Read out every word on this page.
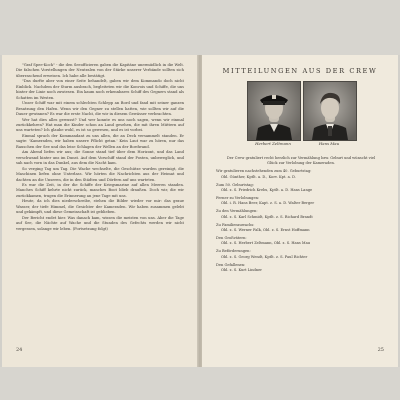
"Graf Spee-Koch" - die den Seeofficieren gaben die Kapitäne unermüdlich in die Welt. Die falschen Vorstellungen der Neutralen von der Stärke unserer Verbände sollten sich überraschend erweisen. Ich habe alle bestätigt.

"Das durfte aber von einer Seite behandelt, gaben wir dem Kommando doch nicht Einblick. Nachdem der Sturm ausbrach, begleiteten wir die Konvois und Schiffe, die uns hinter der Linie noch zuwiesen. Ein kaum noch erkennbares Schiff des Gegners stand als Schatten im Westen.

Unser Schiff war mit einem schlechten Schlepp an Bord und fand mit seiner ganzen Besatzung den Hafen. Wenn wir den Gegner zu stellen hatten, wie sollten wir auf die Dauer gewinnen? Es war die erste Nacht, die wir in diesem Gewässer verbrachten.

Wer hat dies alles gewusst? Und wer konnte es uns noch sagen, wenn wir einmal zurückkehren? Hat man die Kinder schon an Land gesehen, die mit ihren Müttern auf uns warteten? Ich glaube wohl, es ist so gewesen, und es ist vorbei.

Einmal sprach der Kommandant zu uns allen, die an Deck versammelt standen. Er sagte: 'Kameraden, wir haben unsere Pflicht getan.' Kein Laut war zu hören, nur das Rauschen der See und das leise Schlagen der Wellen an der Bordwand.

Am Abend liefen wir aus; die Sonne stand tief über dem Horizont, und das Land verschwand hinter uns im Dunst. Auf dem Vorschiff stand der Posten, unbeweglich, und sah nach vorn in das Dunkel, aus dem die Nacht kam.

So verging Tag um Tag. Die Wache wechselte, die Geschütze wurden gereinigt, die Maschinen liefen ohne Unterlass. Wir hörten die Nachrichten aus der Heimat und dachten an die Unseren, die in den Städten und Dörfern auf uns warteten.

Es war die Zeit, in der die Schiffe der Kriegsmarine auf allen Meeren standen. Manches Schiff kehrte nicht zurück, manches Boot blieb draußen. Doch wir, die wir zurückkamen, trugen die Erinnerung an jene Tage mit uns.

Heute, da ich dies niederschreibe, stehen die Bilder wieder vor mir: das graue Wasser, der tiefe Himmel, die Gesichter der Kameraden. Wir haben zusammen gelebt und gekämpft, und diese Gemeinschaft ist geblieben.

Der Bericht endet hier. Was danach kam, wissen die meisten von uns. Aber die Tage auf See, die Nächte auf Wache und die Stunden des Gefechts werden wir nicht vergessen, solange wir leben. (Fortsetzung folgt)

24
MITTEILUNGEN AUS DER CREW
Herbert Zeltmann	Hans Mau
Der Crew gratuliert recht herzlich zur Vermählung bzw. Geburt und wünscht viel Glück zur Verlobung der Kameraden.
Wir gratulieren nachstehenden zum 40. Geburtstag:
Obl. Günther, Kptlt. a. D., Korv. Kpt. a. D.
Zum 50. Geburtstag:
Obl. z. S. Friedrich Krebs, Kptlt. a. D. Hans Lange
Ferner zu Verlobungen:
Obl. i. R. Hans Beer, Kapt. z. S. a. D. Walter Berger
Zu den Vermählungen:
Obl. z. S. Karl Schmidt, Kptlt. z. S. Richard Brandt
Zu Familienzuwachs:
Obl. z. S. Werner Falk, Obl. z. S. Ernst Hoffmann
Den Großvätern:
Obl. z. S. Herbert Zeltmann, Obl. z. S. Hans Mau
Zu Beförderungen:
Obl. z. S. Georg Wendt, Kptlt. z. S. Paul Richter
Den Gefallenen:
Obl. z. S. Kurt Lindner
25
